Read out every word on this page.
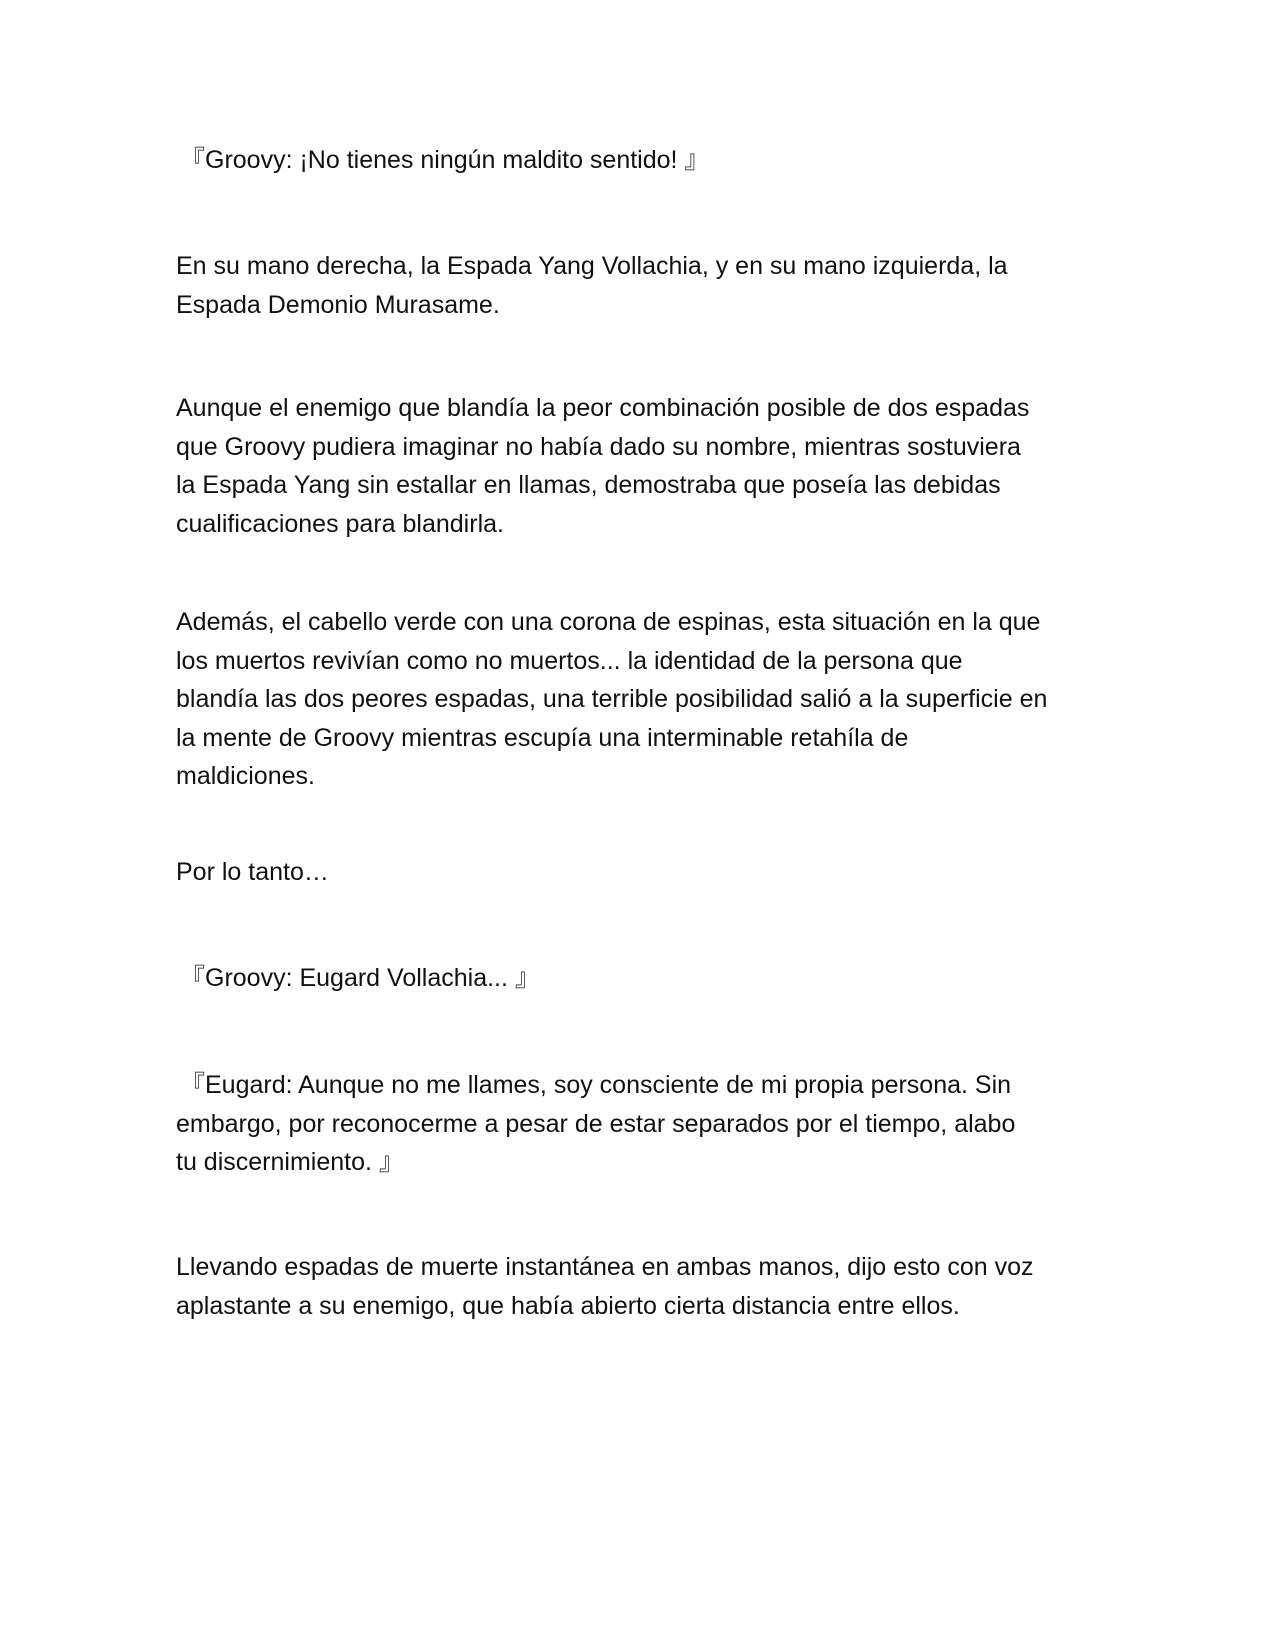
『Groovy: ¡No tienes ningún maldito sentido! 』

En su mano derecha, la Espada Yang Vollachia, y en su mano izquierda, la
Espada Demonio Murasame.

Aunque el enemigo que blandía la peor combinación posible de dos espadas
que Groovy pudiera imaginar no había dado su nombre, mientras sostuviera
la Espada Yang sin estallar en llamas, demostraba que poseía las debidas
cualificaciones para blandirla.

Además, el cabello verde con una corona de espinas, esta situación en la que
los muertos revivían como no muertos... la identidad de la persona que
blandía las dos peores espadas, una terrible posibilidad salió a la superficie en
la mente de Groovy mientras escupía una interminable retahíla de
maldiciones.

Por lo tanto…

『Groovy: Eugard Vollachia... 』

『Eugard: Aunque no me llames, soy consciente de mi propia persona. Sin
embargo, por reconocerme a pesar de estar separados por el tiempo, alabo
tu discernimiento. 』

Llevando espadas de muerte instantánea en ambas manos, dijo esto con voz
aplastante a su enemigo, que había abierto cierta distancia entre ellos.
